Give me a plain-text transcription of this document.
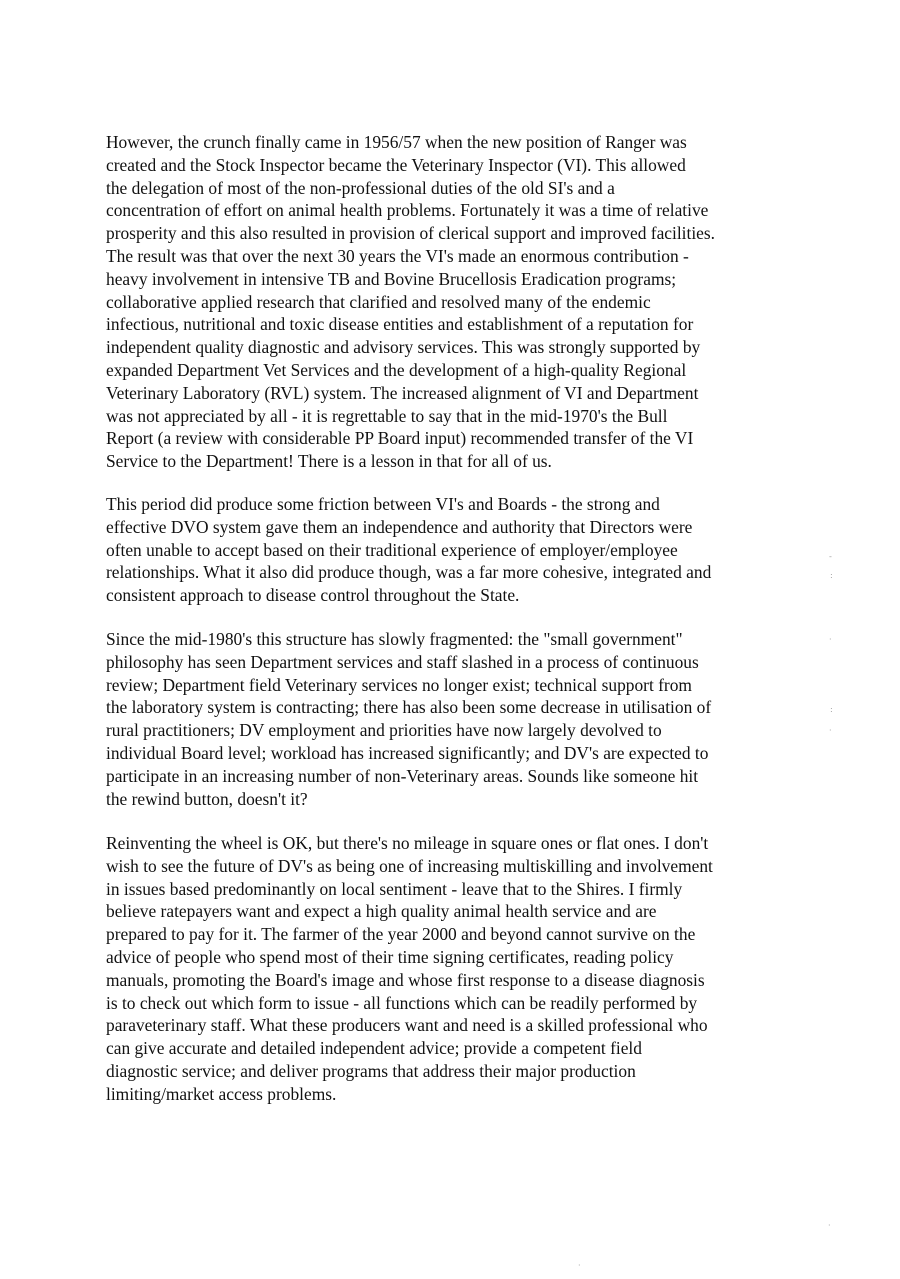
However, the crunch finally came in 1956/57 when the new position of Ranger was
created and the Stock Inspector became the Veterinary Inspector (VI). This allowed
the delegation of most of the non-professional duties of the old SI's and a
concentration of effort on animal health problems. Fortunately it was a time of relative
prosperity and this also resulted in provision of clerical support and improved facilities.
The result was that over the next 30 years the VI's made an enormous contribution -
heavy involvement in intensive TB and Bovine Brucellosis Eradication programs;
collaborative applied research that clarified and resolved many of the endemic
infectious, nutritional and toxic disease entities and establishment of a reputation for
independent quality diagnostic and advisory services. This was strongly supported by
expanded Department Vet Services and the development of a high-quality Regional
Veterinary Laboratory (RVL) system. The increased alignment of VI and Department
was not appreciated by all - it is regrettable to say that in the mid-1970's the Bull
Report (a review with considerable PP Board input) recommended transfer of the VI
Service to the Department! There is a lesson in that for all of us.
This period did produce some friction between VI's and Boards - the strong and
effective DVO system gave them an independence and authority that Directors were
often unable to accept based on their traditional experience of employer/employee
relationships. What it also did produce though, was a far more cohesive, integrated and
consistent approach to disease control throughout the State.
Since the mid-1980's this structure has slowly fragmented: the "small government"
philosophy has seen Department services and staff slashed in a process of continuous
review; Department field Veterinary services no longer exist; technical support from
the laboratory system is contracting; there has also been some decrease in utilisation of
rural practitioners; DV employment and priorities have now largely devolved to
individual Board level; workload has increased significantly; and DV's are expected to
participate in an increasing number of non-Veterinary areas. Sounds like someone hit
the rewind button, doesn't it?
Reinventing the wheel is OK, but there's no mileage in square ones or flat ones. I don't
wish to see the future of DV's as being one of increasing multiskilling and involvement
in issues based predominantly on local sentiment - leave that to the Shires. I firmly
believe ratepayers want and expect a high quality animal health service and are
prepared to pay for it. The farmer of the year 2000 and beyond cannot survive on the
advice of people who spend most of their time signing certificates, reading policy
manuals, promoting the Board's image and whose first response to a disease diagnosis
is to check out which form to issue - all functions which can be readily performed by
paraveterinary staff. What these producers want and need is a skilled professional who
can give accurate and detailed independent advice; provide a competent field
diagnostic service; and deliver programs that address their major production
limiting/market access problems.
-
:
·
:
·
·
·
